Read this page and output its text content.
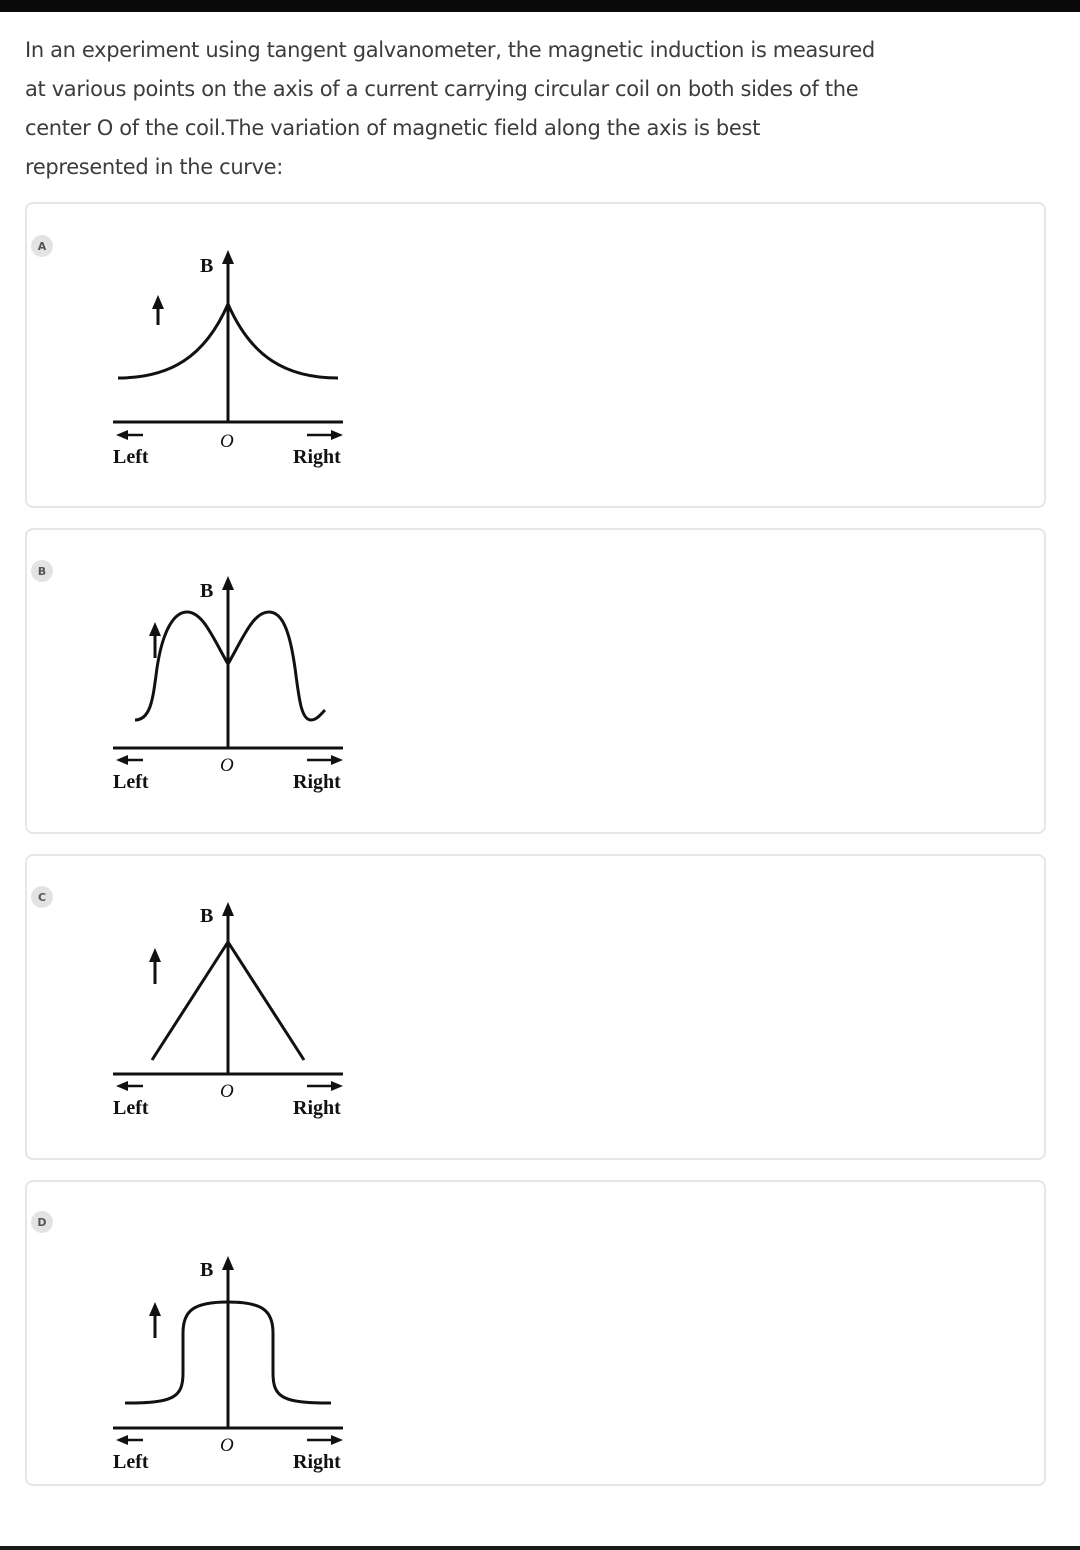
In an experiment using tangent galvanometer, the magnetic induction is measured

at various points on the axis of a current carrying circular coil on both sides of the

center O of the coil.The variation of magnetic field along the axis is best

represented in the curve:

A
B
O
Left	Right
B
B
O
Left	Right
C
B
O
Left	Right
D
B
O
Left	Right
